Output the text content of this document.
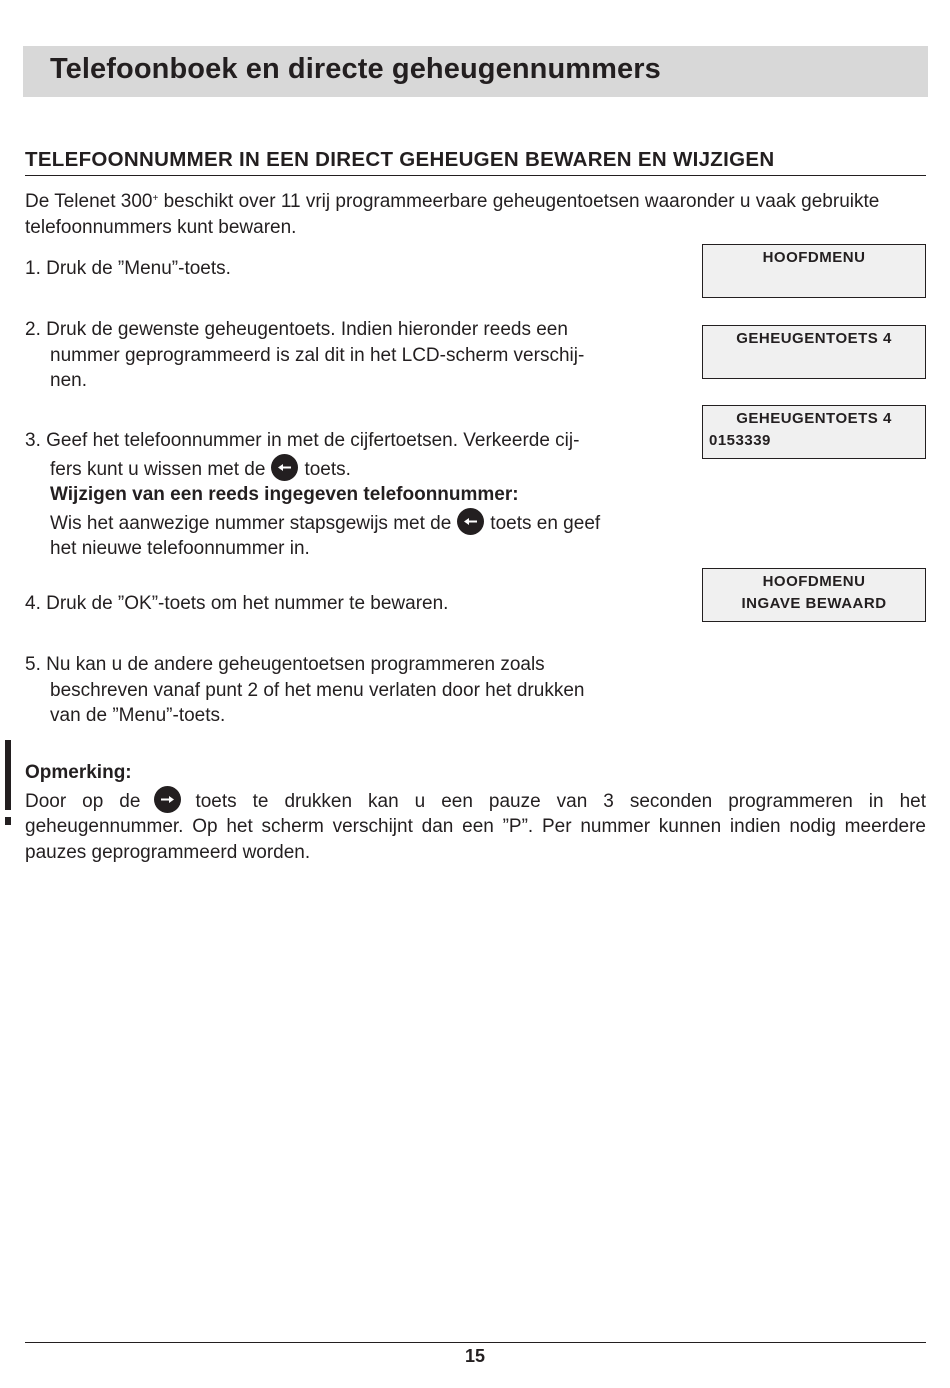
Telefoonboek en directe geheugennummers
TELEFOONNUMMER IN EEN DIRECT GEHEUGEN BEWAREN EN WIJZIGEN
De Telenet 300+ beschikt over 11 vrij programmeerbare geheugentoetsen waaronder u vaak gebruikte telefoonnummers kunt bewaren.
1. Druk de ”Menu”-toets.
2. Druk de gewenste geheugentoets. Indien hieronder reeds een
nummer geprogrammeerd is zal dit in het LCD-scherm verschij-
nen.
3. Geef het telefoonnummer in met de cijfertoetsen. Verkeerde cij-
fers kunt u wissen met de toets.
Wijzigen van een reeds ingegeven telefoonnummer:
Wis het aanwezige nummer stapsgewijs met de toets en geef
het nieuwe telefoonnummer in.
4. Druk de ”OK”-toets om het nummer te bewaren.
5. Nu kan u de andere geheugentoetsen programmeren zoals
beschreven vanaf punt 2 of het menu verlaten door het drukken
van de ”Menu”-toets.
HOOFDMENU
GEHEUGENTOETS 4
GEHEUGENTOETS 4
0153339
HOOFDMENU
INGAVE BEWAARD
Opmerking:
Door op de	toets te drukken kan u een pauze van 3 seconden programmeren in het geheugennummer. Op het scherm verschijnt dan een ”P”. Per nummer kunnen indien nodig meerdere pauzes geprogrammeerd worden.
15
